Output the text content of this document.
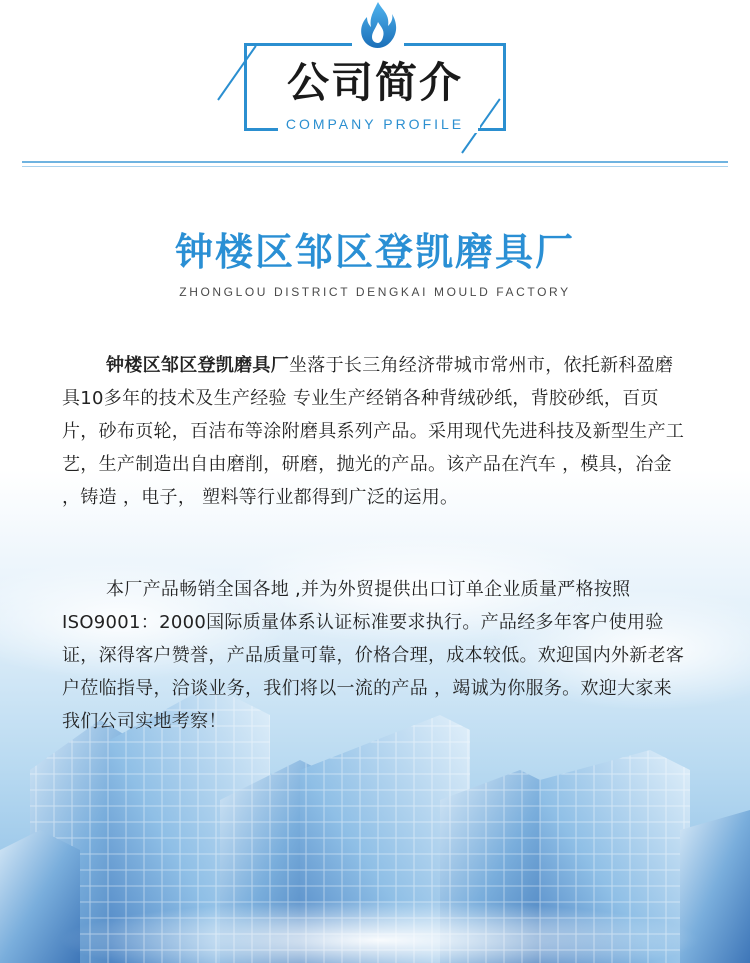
公司简介
COMPANY PROFILE
钟楼区邹区登凯磨具厂
ZHONGLOU DISTRICT DENGKAI MOULD FACTORY
钟楼区邹区登凯磨具厂坐落于长三角经济带城市常州市，依托新科盈磨具10多年的技术及生产经验 专业生产经销各种背绒砂纸，背胶砂纸，百页片，砂布页轮，百洁布等涂附磨具系列产品。采用现代先进科技及新型生产工艺，生产制造出自由磨削，研磨，抛光的产品。该产品在汽车 ，模具，冶金 ，铸造 ，电子， 塑料等行业都得到广泛的运用。
本厂产品畅销全国各地 ,并为外贸提供出口订单企业质量严格按照ISO9001：2000国际质量体系认证标准要求执行。产品经多年客户使用验证，深得客户赞誉，产品质量可靠，价格合理，成本较低。欢迎国内外新老客户莅临指导，洽谈业务，我们将以一流的产品 ，竭诚为你服务。欢迎大家来我们公司实地考察！
